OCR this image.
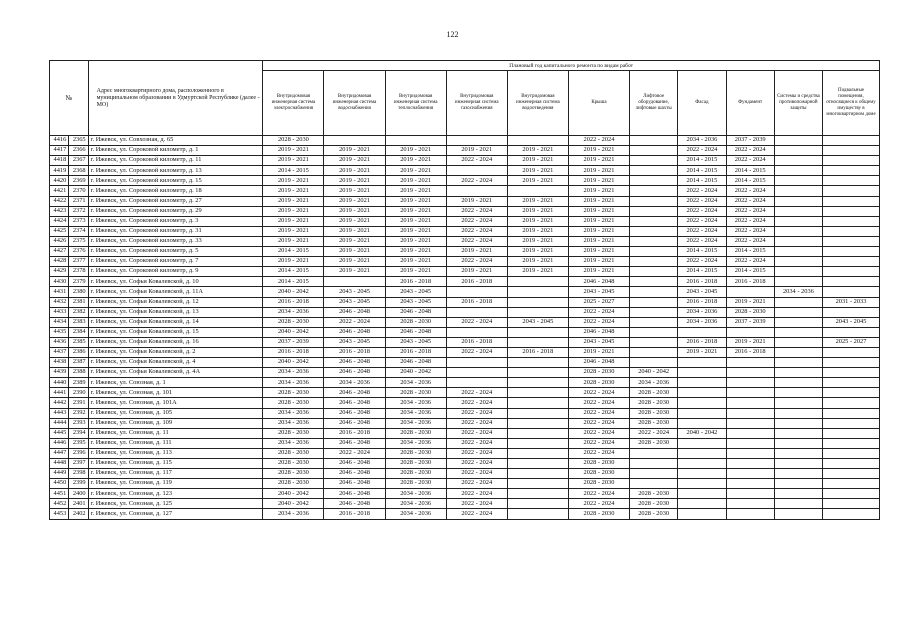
122
№		Адрес многоквартирного дома, расположенного в муниципальном образовании в Удмуртской Республике (далее - МО)	Плановый год капитального ремонта по видам работ										
			Внутридомовая инженерная система электроснабжения	Внутридомовая инженерная система водоснабжения	Внутридомовая инженерная система теплоснабжения	Внутридомовая инженерная система газоснабжения	Внутридомовая инженерная система водоотведения	Крыша	Лифтовое оборудование, лифтовые шахты	Фасад	Фундамент	Системы и средства противопожарной защиты	Подвальные помещения, относящиеся к общему имуществу в многоквартирном доме
4416	2365	г. Ижевск, ул. Совхозная, д. 65	2028 - 2030					2022 - 2024		2034 - 2036	2037 - 2039		
4417	2366	г. Ижевск, ул. Сороковой километр, д. 1	2019 - 2021	2019 - 2021	2019 - 2021	2019 - 2021	2019 - 2021	2019 - 2021		2022 - 2024	2022 - 2024		
4418	2367	г. Ижевск, ул. Сороковой километр, д. 11	2019 - 2021	2019 - 2021	2019 - 2021	2022 - 2024	2019 - 2021	2019 - 2021		2014 - 2015	2022 - 2024		
4419	2368	г. Ижевск, ул. Сороковой километр, д. 13	2014 - 2015	2019 - 2021	2019 - 2021		2019 - 2021	2019 - 2021		2014 - 2015	2014 - 2015		
4420	2369	г. Ижевск, ул. Сороковой километр, д. 15	2019 - 2021	2019 - 2021	2019 - 2021	2022 - 2024	2019 - 2021	2019 - 2021		2014 - 2015	2014 - 2015		
4421	2370	г. Ижевск, ул. Сороковой километр, д. 18	2019 - 2021	2019 - 2021	2019 - 2021			2019 - 2021		2022 - 2024	2022 - 2024		
4422	2371	г. Ижевск, ул. Сороковой километр, д. 27	2019 - 2021	2019 - 2021	2019 - 2021	2019 - 2021	2019 - 2021	2019 - 2021		2022 - 2024	2022 - 2024		
4423	2372	г. Ижевск, ул. Сороковой километр, д. 29	2019 - 2021	2019 - 2021	2019 - 2021	2022 - 2024	2019 - 2021	2019 - 2021		2022 - 2024	2022 - 2024		
4424	2373	г. Ижевск, ул. Сороковой километр, д. 3	2019 - 2021	2019 - 2021	2019 - 2021	2022 - 2024	2019 - 2021	2019 - 2021		2022 - 2024	2022 - 2024		
4425	2374	г. Ижевск, ул. Сороковой километр, д. 31	2019 - 2021	2019 - 2021	2019 - 2021	2022 - 2024	2019 - 2021	2019 - 2021		2022 - 2024	2022 - 2024		
4426	2375	г. Ижевск, ул. Сороковой километр, д. 33	2019 - 2021	2019 - 2021	2019 - 2021	2022 - 2024	2019 - 2021	2019 - 2021		2022 - 2024	2022 - 2024		
4427	2376	г. Ижевск, ул. Сороковой километр, д. 5	2014 - 2015	2019 - 2021	2019 - 2021	2019 - 2021	2019 - 2021	2019 - 2021		2014 - 2015	2014 - 2015		
4428	2377	г. Ижевск, ул. Сороковой километр, д. 7	2019 - 2021	2019 - 2021	2019 - 2021	2022 - 2024	2019 - 2021	2019 - 2021		2022 - 2024	2022 - 2024		
4429	2378	г. Ижевск, ул. Сороковой километр, д. 9	2014 - 2015	2019 - 2021	2019 - 2021	2019 - 2021	2019 - 2021	2019 - 2021		2014 - 2015	2014 - 2015		
4430	2379	г. Ижевск, ул. Софьи Ковалевской, д. 10	2014 - 2015		2016 - 2018	2016 - 2018		2046 - 2048		2016 - 2018	2016 - 2018		
4431	2380	г. Ижевск, ул. Софьи Ковалевской, д. 11А	2040 - 2042	2043 - 2045	2043 - 2045			2043 - 2045		2043 - 2045		2034 - 2036	
4432	2381	г. Ижевск, ул. Софьи Ковалевской, д. 12	2016 - 2018	2043 - 2045	2043 - 2045	2016 - 2018		2025 - 2027		2016 - 2018	2019 - 2021		2031 - 2033
4433	2382	г. Ижевск, ул. Софьи Ковалевской, д. 13	2034 - 2036	2046 - 2048	2046 - 2048			2022 - 2024		2034 - 2036	2028 - 2030		
4434	2383	г. Ижевск, ул. Софьи Ковалевской, д. 14	2028 - 2030	2022 - 2024	2028 - 2030	2022 - 2024	2043 - 2045	2022 - 2024		2034 - 2036	2037 - 2039		2043 - 2045
4435	2384	г. Ижевск, ул. Софьи Ковалевской, д. 15	2040 - 2042	2046 - 2048	2046 - 2048			2046 - 2048					
4436	2385	г. Ижевск, ул. Софьи Ковалевской, д. 16	2037 - 2039	2043 - 2045	2043 - 2045	2016 - 2018		2043 - 2045		2016 - 2018	2019 - 2021		2025 - 2027
4437	2386	г. Ижевск, ул. Софьи Ковалевской, д. 2	2016 - 2018	2016 - 2018	2016 - 2018	2022 - 2024	2016 - 2018	2019 - 2021		2019 - 2021	2016 - 2018		
4438	2387	г. Ижевск, ул. Софьи Ковалевской, д. 4	2040 - 2042	2046 - 2048	2046 - 2048			2046 - 2048					
4439	2388	г. Ижевск, ул. Софьи Ковалевской, д. 4А	2034 - 2036	2046 - 2048	2040 - 2042			2028 - 2030	2040 - 2042				
4440	2389	г. Ижевск, ул. Союзная, д. 1	2034 - 2036	2034 - 2036	2034 - 2036			2028 - 2030	2034 - 2036				
4441	2390	г. Ижевск, ул. Союзная, д. 101	2028 - 2030	2046 - 2048	2028 - 2030	2022 - 2024		2022 - 2024	2028 - 2030				
4442	2391	г. Ижевск, ул. Союзная, д. 101А	2028 - 2030	2046 - 2048	2034 - 2036	2022 - 2024		2022 - 2024	2028 - 2030				
4443	2392	г. Ижевск, ул. Союзная, д. 105	2034 - 2036	2046 - 2048	2034 - 2036	2022 - 2024		2022 - 2024	2028 - 2030				
4444	2393	г. Ижевск, ул. Союзная, д. 109	2034 - 2036	2046 - 2048	2034 - 2036	2022 - 2024		2022 - 2024	2028 - 2030				
4445	2394	г. Ижевск, ул. Союзная, д. 11	2028 - 2030	2016 - 2018	2028 - 2030	2022 - 2024		2022 - 2024	2022 - 2024	2040 - 2042			
4446	2395	г. Ижевск, ул. Союзная, д. 111	2034 - 2036	2046 - 2048	2034 - 2036	2022 - 2024		2022 - 2024	2028 - 2030				
4447	2396	г. Ижевск, ул. Союзная, д. 113	2028 - 2030	2022 - 2024	2028 - 2030	2022 - 2024		2022 - 2024					
4448	2397	г. Ижевск, ул. Союзная, д. 115	2028 - 2030	2046 - 2048	2028 - 2030	2022 - 2024		2028 - 2030					
4449	2398	г. Ижевск, ул. Союзная, д. 117	2028 - 2030	2046 - 2048	2028 - 2030	2022 - 2024		2028 - 2030					
4450	2399	г. Ижевск, ул. Союзная, д. 119	2028 - 2030	2046 - 2048	2028 - 2030	2022 - 2024		2028 - 2030					
4451	2400	г. Ижевск, ул. Союзная, д. 123	2040 - 2042	2046 - 2048	2034 - 2036	2022 - 2024		2022 - 2024	2028 - 2030				
4452	2401	г. Ижевск, ул. Союзная, д. 125	2040 - 2042	2046 - 2048	2034 - 2036	2022 - 2024		2022 - 2024	2028 - 2030				
4453	2402	г. Ижевск, ул. Союзная, д. 127	2034 - 2036	2016 - 2018	2034 - 2036	2022 - 2024		2028 - 2030	2028 - 2030				
